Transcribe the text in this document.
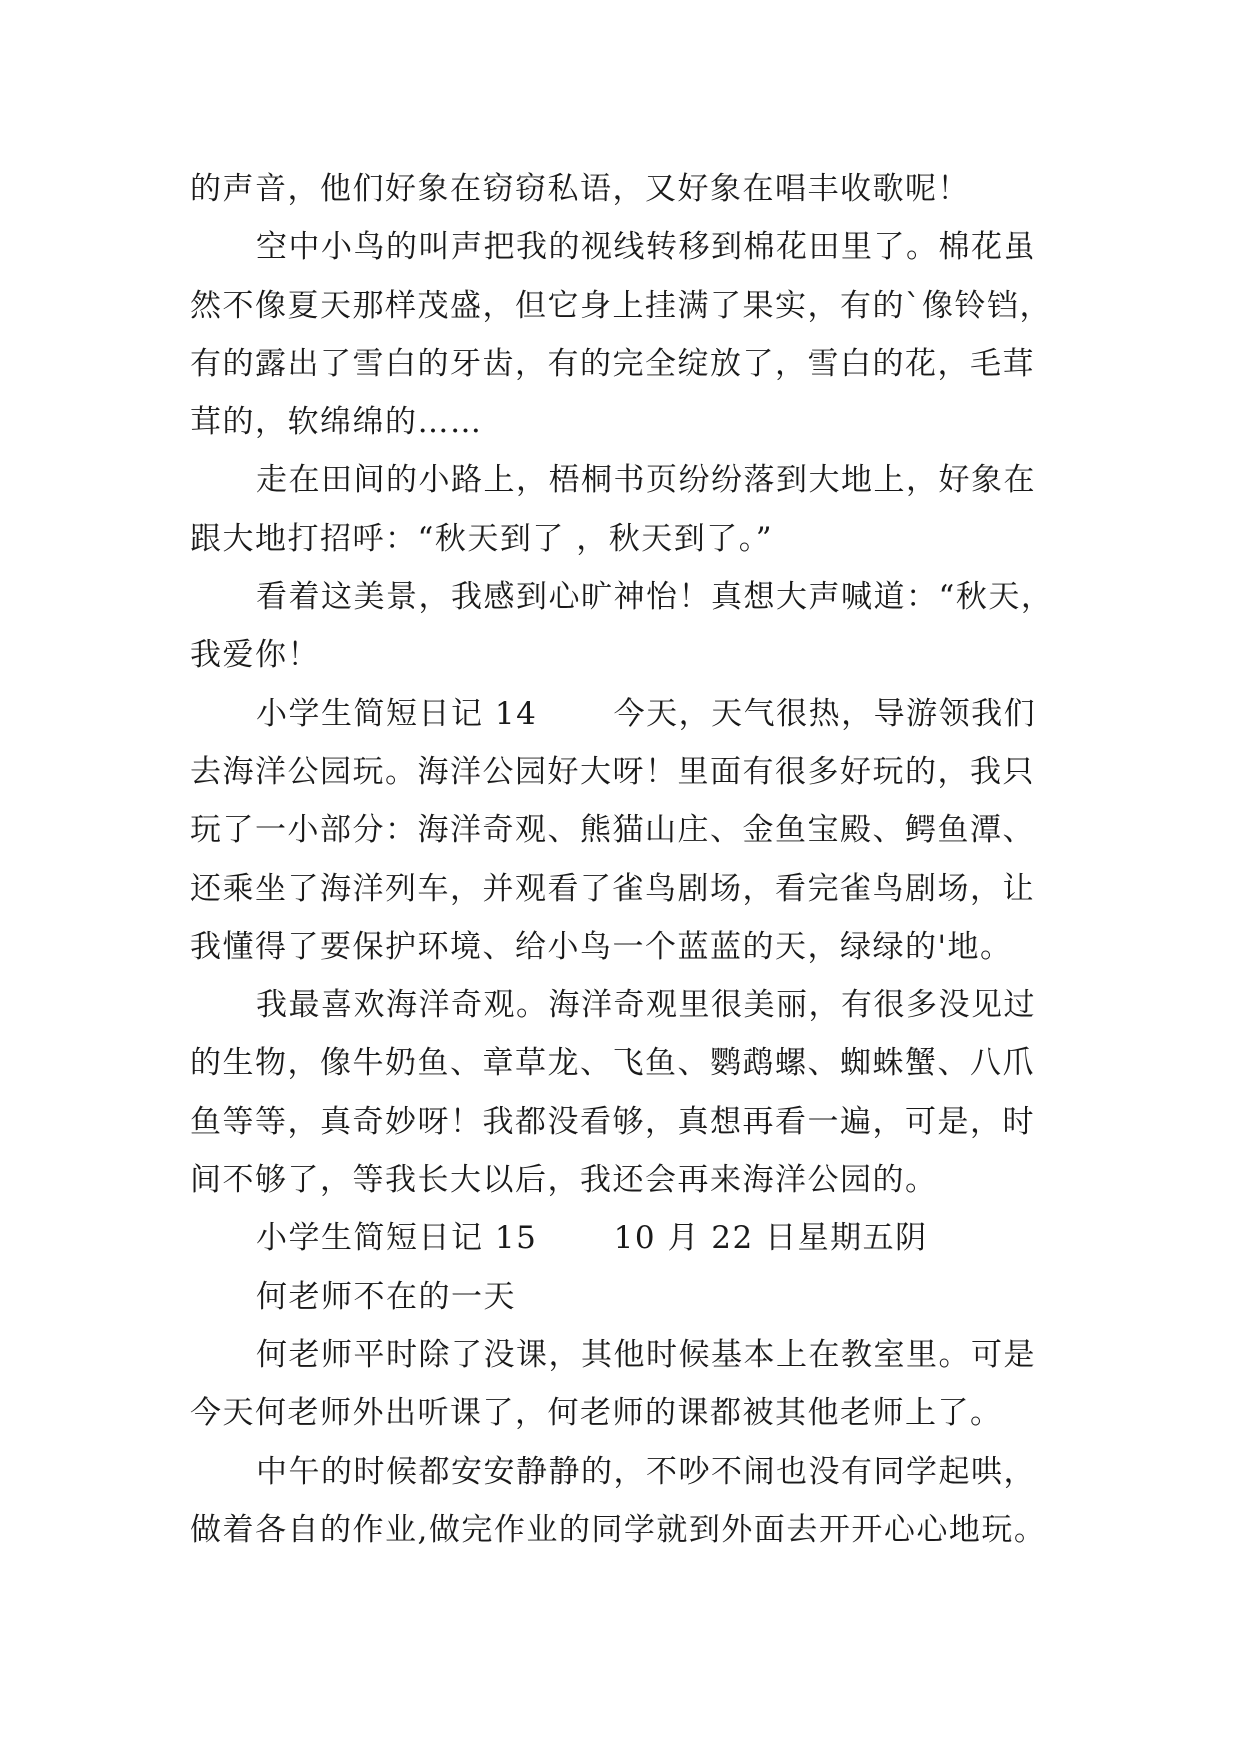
的声音，他们好象在窃窃私语，又好象在唱丰收歌呢！
空中小鸟的叫声把我的视线转移到棉花田里了。棉花虽
然不像夏天那样茂盛，但它身上挂满了果实，有的`像铃铛，
有的露出了雪白的牙齿，有的完全绽放了，雪白的花，毛茸
茸的，软绵绵的……
走在田间的小路上，梧桐书页纷纷落到大地上，好象在
跟大地打招呼：“秋天到了 ，秋天到了。”
看着这美景，我感到心旷神怡！真想大声喊道：“秋天，
我爱你！
小学生简短日记 14　　 今天，天气很热，导游领我们
去海洋公园玩。海洋公园好大呀！里面有很多好玩的，我只
玩了一小部分：海洋奇观、熊猫山庄、金鱼宝殿、鳄鱼潭、
还乘坐了海洋列车，并观看了雀鸟剧场，看完雀鸟剧场，让
我懂得了要保护环境、给小鸟一个蓝蓝的天，绿绿的'地。
我最喜欢海洋奇观。海洋奇观里很美丽，有很多没见过
的生物，像牛奶鱼、章草龙、飞鱼、鹦鹉螺、蜘蛛蟹、八爪
鱼等等，真奇妙呀！我都没看够，真想再看一遍，可是，时
间不够了，等我长大以后，我还会再来海洋公园的。
小学生简短日记 15　　 10 月 22 日星期五阴
何老师不在的一天
何老师平时除了没课，其他时候基本上在教室里。可是
今天何老师外出听课了，何老师的课都被其他老师上了。
中午的时候都安安静静的，不吵不闹也没有同学起哄，
做着各自的作业,做完作业的同学就到外面去开开心心地玩。
